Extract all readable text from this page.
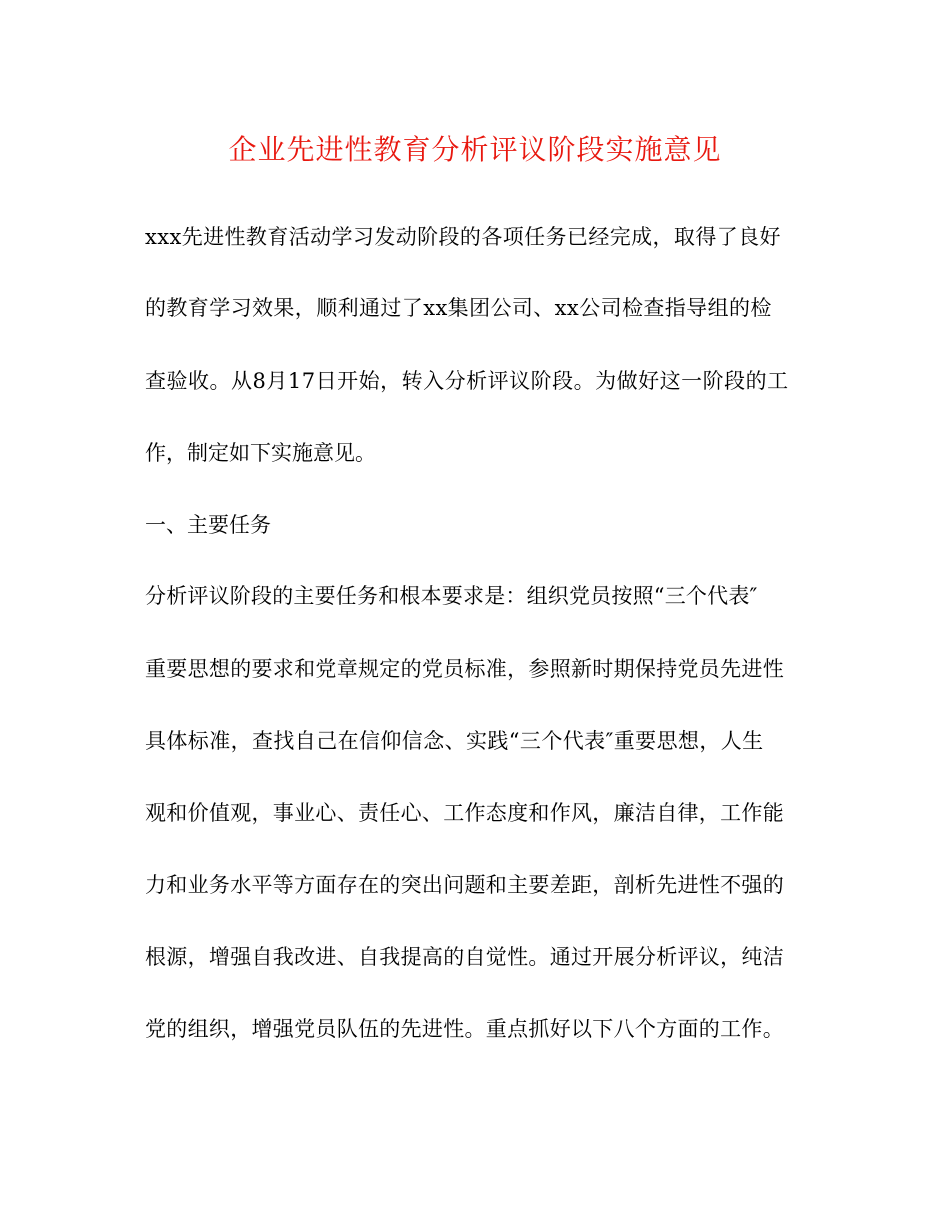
企业先进性教育分析评议阶段实施意见
xxx先进性教育活动学习发动阶段的各项任务已经完成，取得了良好
的教育学习效果，顺利通过了xx集团公司、xx公司检查指导组的检
查验收。从8月17日开始，转入分析评议阶段。为做好这一阶段的工
作，制定如下实施意见。
一、主要任务
分析评议阶段的主要任务和根本要求是：组织党员按照“三个代表″
重要思想的要求和党章规定的党员标准，参照新时期保持党员先进性
具体标准，查找自己在信仰信念、实践“三个代表″重要思想，人生
观和价值观，事业心、责任心、工作态度和作风，廉洁自律，工作能
力和业务水平等方面存在的突出问题和主要差距，剖析先进性不强的
根源，增强自我改进、自我提高的自觉性。通过开展分析评议，纯洁
党的组织，增强党员队伍的先进性。重点抓好以下八个方面的工作。
